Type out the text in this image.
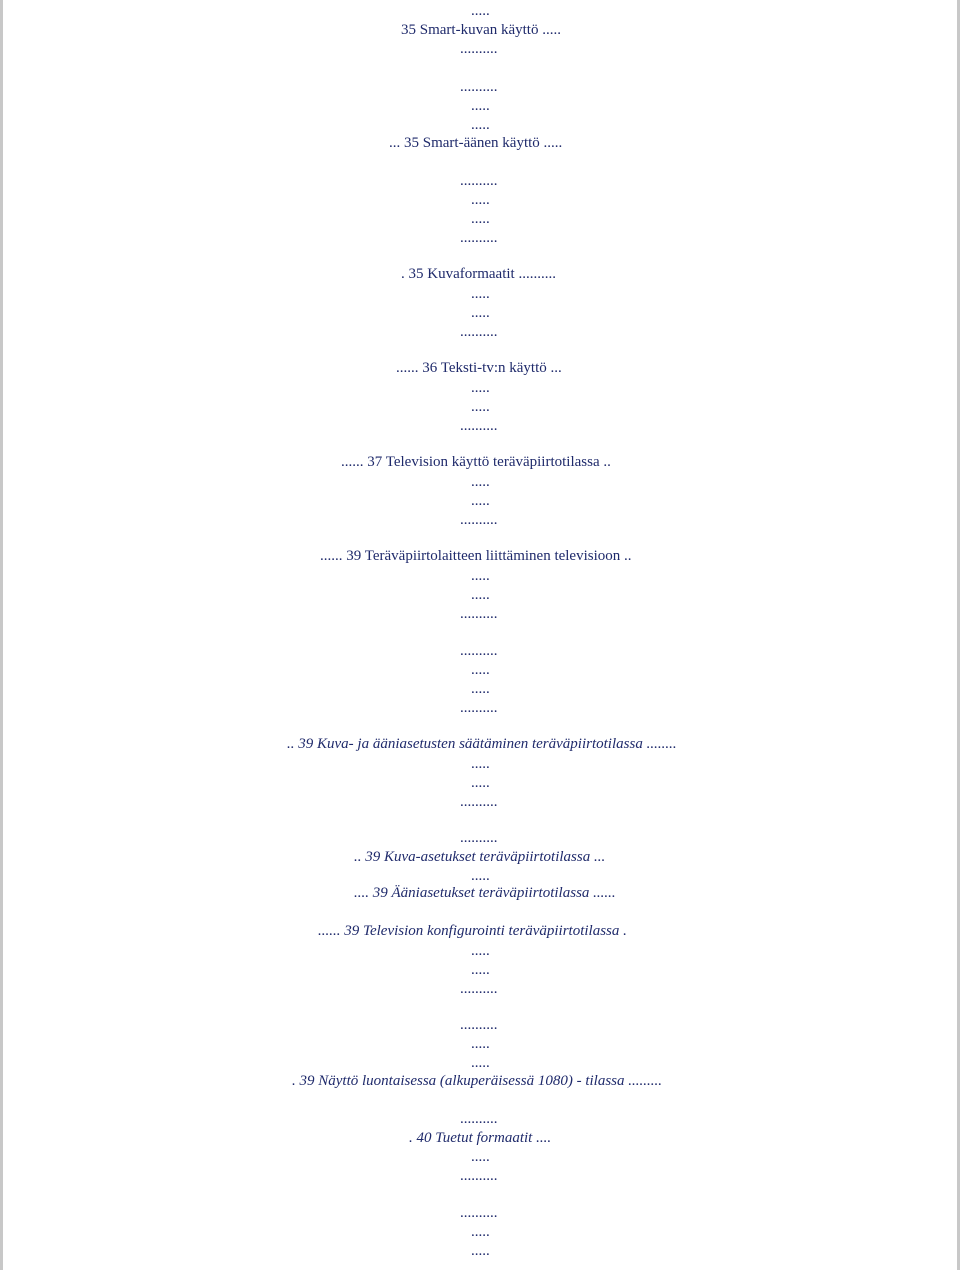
.....
35 Smart-kuvan käyttö .....
..........
..........
.....
.....
... 35 Smart-äänen käyttö .....
..........
.....
.....
..........
. 35 Kuvaformaatit ..........
.....
.....
..........
...... 36 Teksti-tv:n käyttö ...
.....
.....
..........
...... 37 Television käyttö teräväpiirtotilassa ..
.....
.....
..........
...... 39 Teräväpiirtolaitteen liittäminen televisioon ..
.....
.....
..........
..........
.....
.....
..........
.. 39 Kuva- ja ääniasetusten säätäminen teräväpiirtotilassa ........
.....
.....
..........
..........
.. 39 Kuva-asetukset teräväpiirtotilassa ...
.....
.... 39 Ääniasetukset teräväpiirtotilassa ......
...... 39 Television konfigurointi teräväpiirtotilassa .
.....
.....
..........
..........
.....
.....
. 39 Näyttö luontaisessa (alkuperäisessä 1080) - tilassa .........
..........
. 40 Tuetut formaatit ....
.....
..........
..........
.....
.....
